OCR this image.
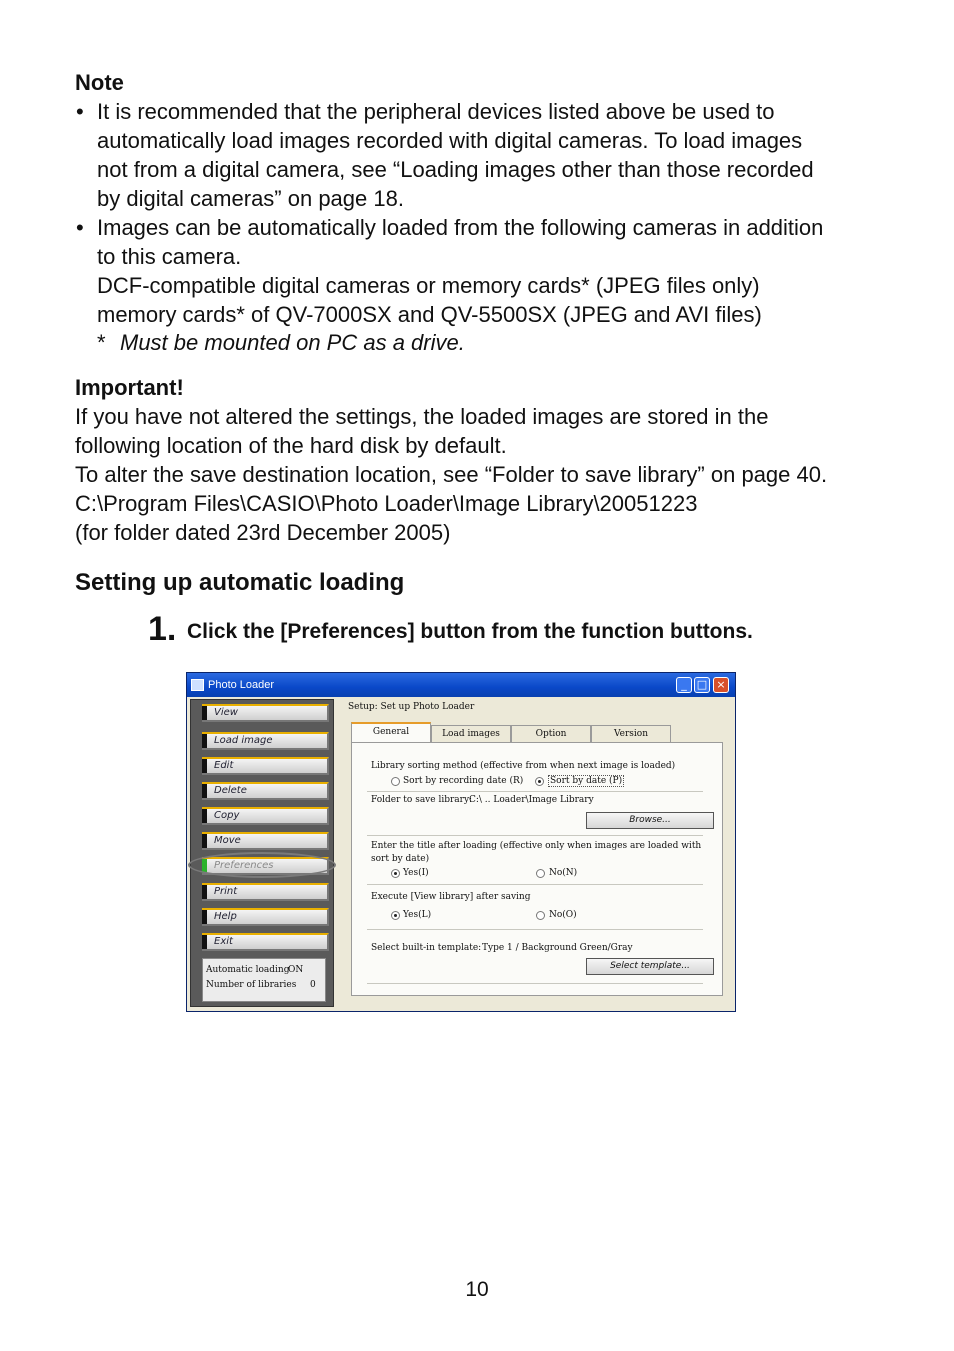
Note
• It is recommended that the peripheral devices listed above be used to
automatically load images recorded with digital cameras. To load images
not from a digital camera, see “Loading images other than those recorded
by digital cameras” on page 18.
• Images can be automatically loaded from the following cameras in addition
to this camera.
DCF-compatible digital cameras or memory cards* (JPEG files only)
memory cards* of QV-7000SX and QV-5500SX (JPEG and AVI files)
* Must be mounted on PC as a drive.
Important!
If you have not altered the settings, the loaded images are stored in the
following location of the hard disk by default.
To alter the save destination location, see “Folder to save library” on page 40.
C:\Program Files\CASIO\Photo Loader\Image Library\20051223
(for folder dated 23rd December 2005)
Setting up automatic loading
1. Click the [Preferences] button from the function buttons.
Photo Loader	_ □ ×
View
Load image
Edit
Delete
Copy
Move
Preferences
Print
Help
Exit
Automatic loading
ON
Number of libraries 0
Setup: Set up Photo Loader
General	Load images	Option	Version
Library sorting method (effective from when next image is loaded)
Sort by recording date (R)	Sort by date (P)
Folder to save library:
C:\ .. Loader\Image Library
Browse...
Enter the title after loading (effective only when images are loaded with
sort by date)
Yes(I)	No(N)
Execute [View library] after saving
Yes(L)	No(O)
Select built-in template: Type 1 / Background Green/Gray
Select template...
10
